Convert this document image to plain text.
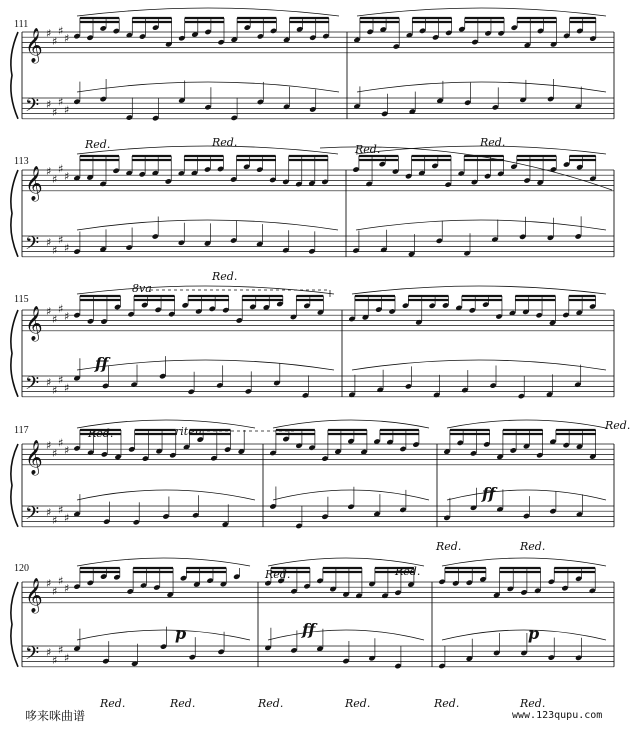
𝄞
𝄢
♯
♯
♯
♯
♯
♯
♯
♯
𝄞
𝄢
♯
♯
♯
♯
♯
♯
♯
♯
𝄞
𝄢
♯
♯
♯
♯
♯
♯
♯
♯
𝄞
𝄢
♯
♯
♯
♯
♯
♯
♯
♯
𝄞
𝄢
♯
♯
♯
♯
♯
♯
♯
♯
111
113
115
117
120
8va
ff
riten.
ff
p	ff	p
Red.
Red.
Red.
Red.
Red.
Red.
Red.
Red.	Red.
Red.
Red.	Red.	Red.	Red.	Red.	Red.
Red.
哆来咪曲谱	www.123qupu.com
